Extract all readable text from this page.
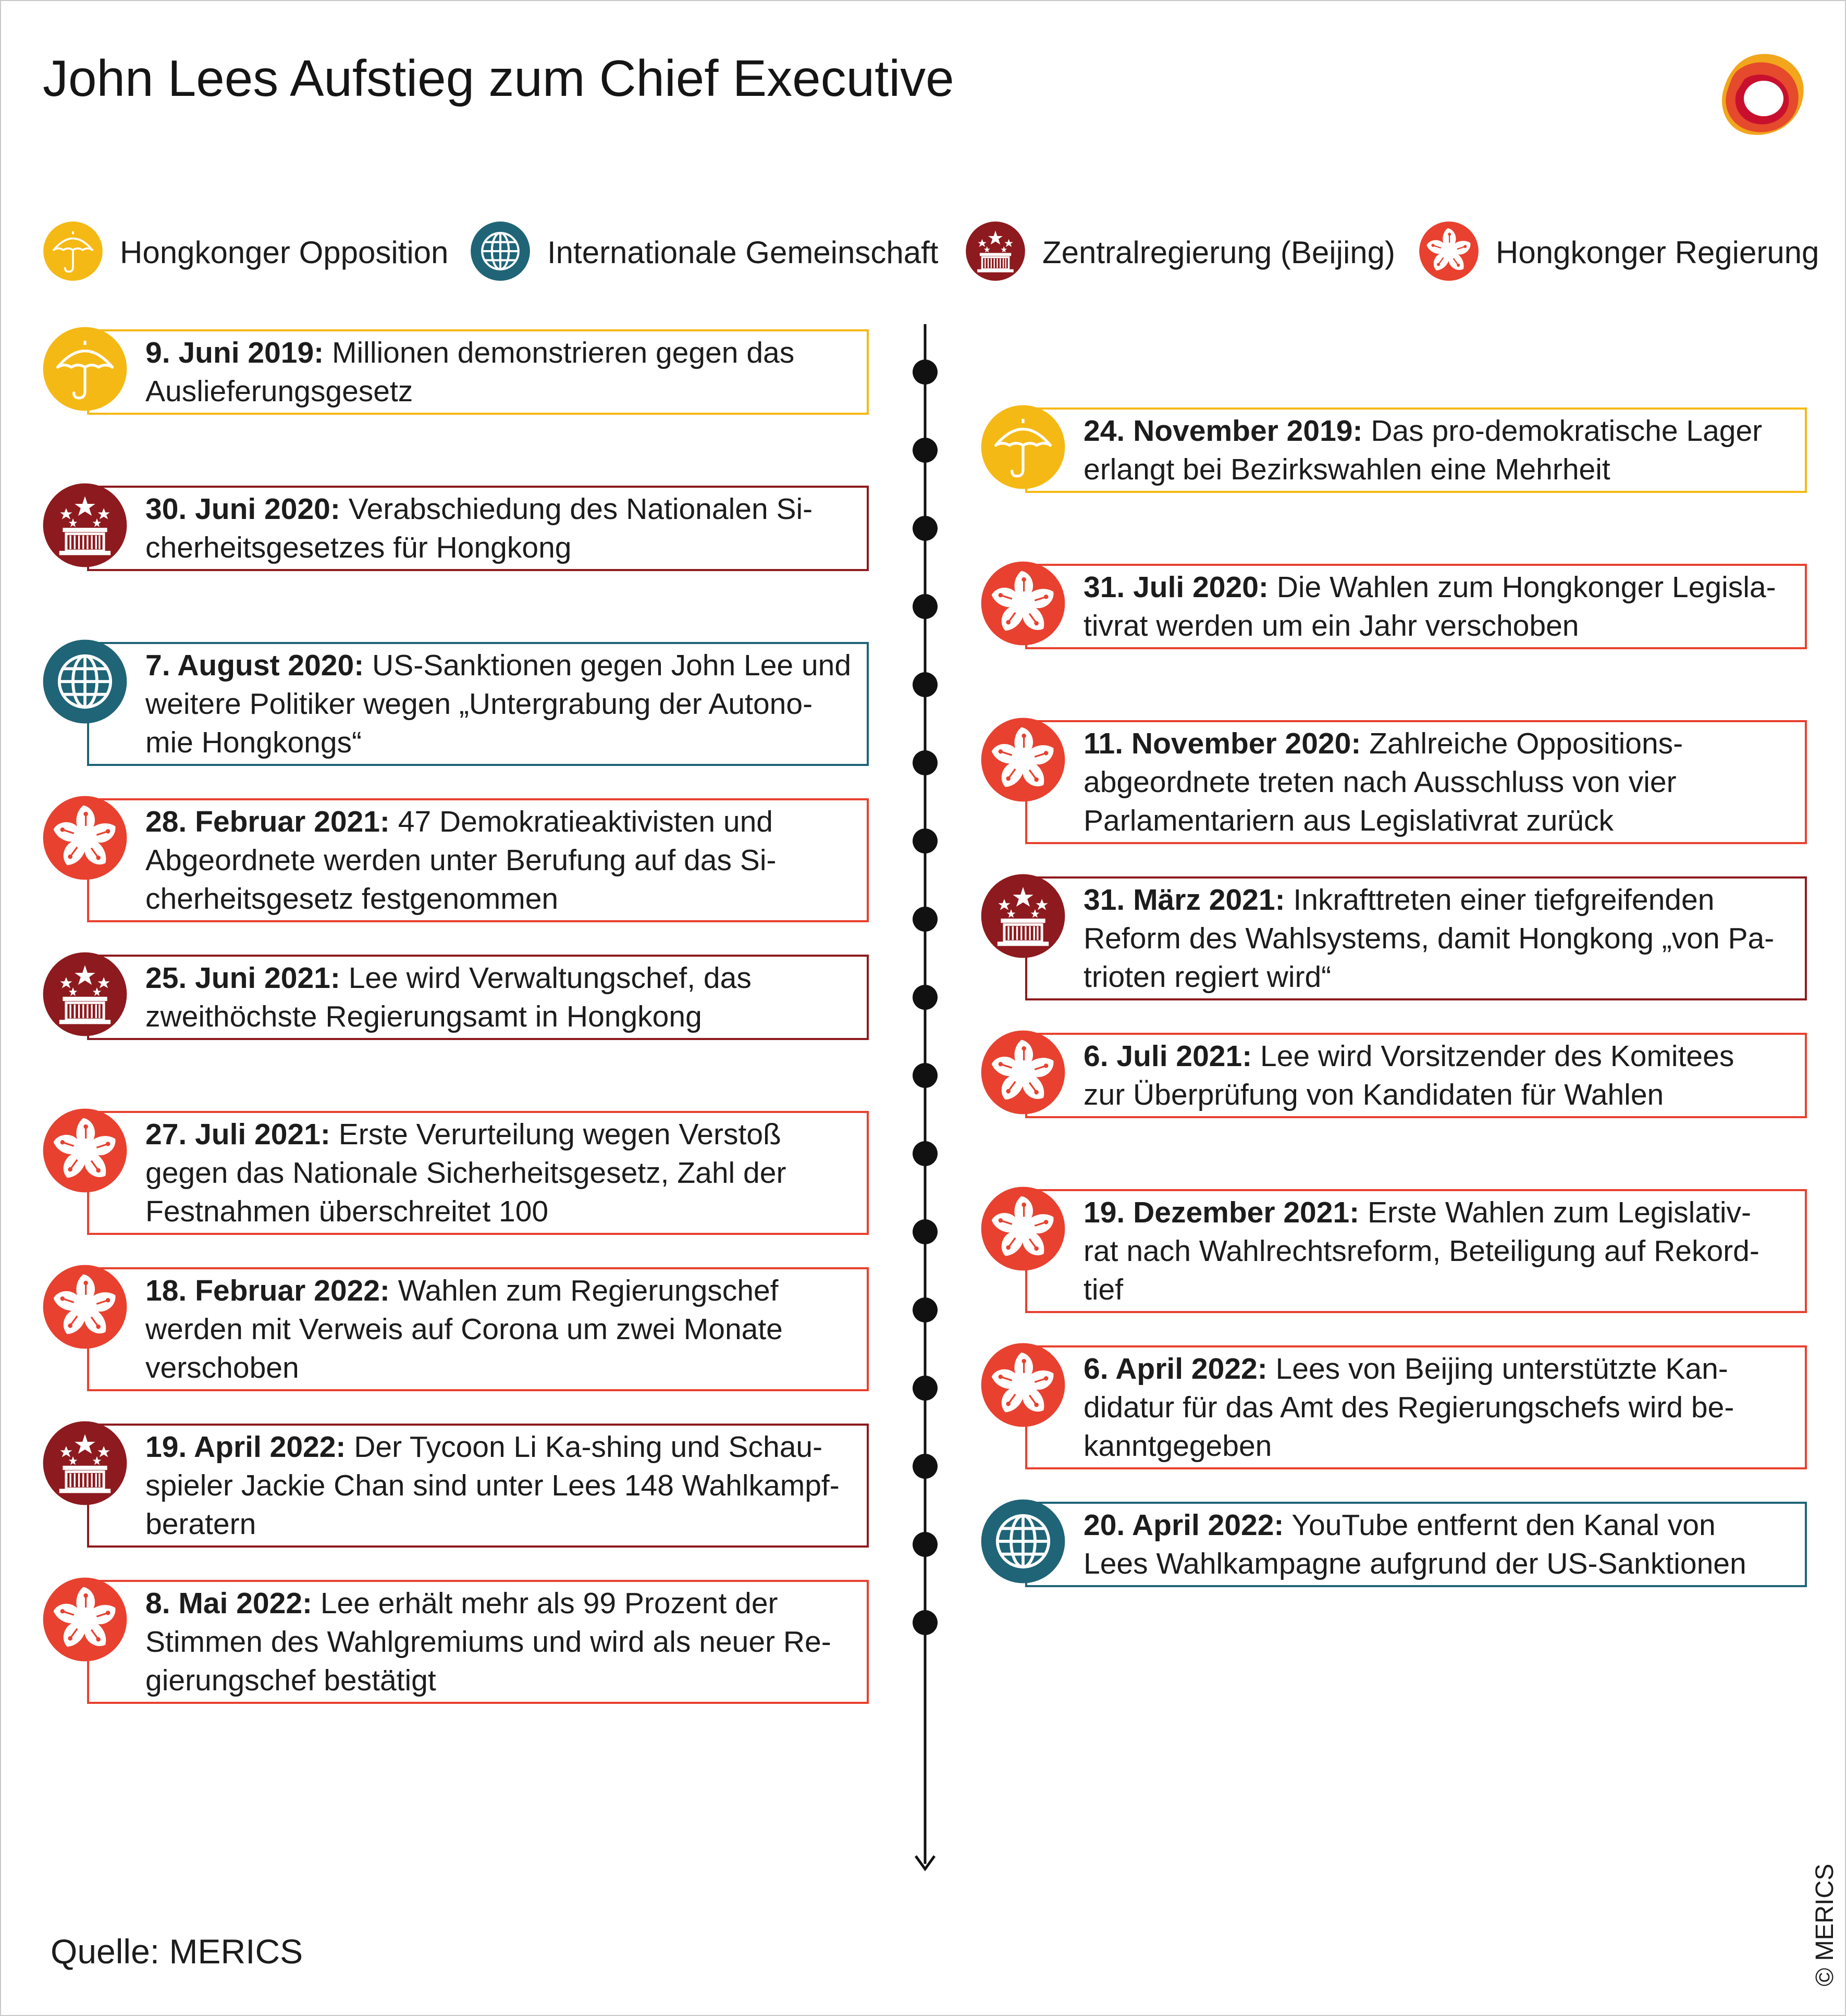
John Lees Aufstieg zum Chief Executive
Hongkonger Opposition	Internationale Gemeinschaft	Zentralregierung (Beijing)	Hongkonger Regierung
9. Juni 2019: Millionen demonstrieren gegen das
Auslieferungsgesetz
24. November 2019: Das pro-demokratische Lager
erlangt bei Bezirkswahlen eine Mehrheit
30. Juni 2020: Verabschiedung des Nationalen Si-
cherheitsgesetzes für Hongkong
31. Juli 2020: Die Wahlen zum Hongkonger Legisla-
tivrat werden um ein Jahr verschoben
7. August 2020: US-Sanktionen gegen John Lee und
weitere Politiker wegen „Untergrabung der Autono-
mie Hongkongs“	11. November 2020: Zahlreiche Oppositions-
abgeordnete treten nach Ausschluss von vier
Parlamentariern aus Legislativrat zurück
28. Februar 2021: 47 Demokratieaktivisten und
Abgeordnete werden unter Berufung auf das Si-
cherheitsgesetz festgenommen	31. März 2021: Inkrafttreten einer tiefgreifenden
Reform des Wahlsystems, damit Hongkong „von Pa-
trioten regiert wird“
25. Juni 2021: Lee wird Verwaltungschef, das
zweithöchste Regierungsamt in Hongkong
6. Juli 2021: Lee wird Vorsitzender des Komitees
zur Überprüfung von Kandidaten für Wahlen
27. Juli 2021: Erste Verurteilung wegen Verstoß
gegen das Nationale Sicherheitsgesetz, Zahl der
Festnahmen überschreitet 100	19. Dezember 2021: Erste Wahlen zum Legislativ-
rat nach Wahlrechtsreform, Beteiligung auf Rekord-
tief
18. Februar 2022: Wahlen zum Regierungschef
werden mit Verweis auf Corona um zwei Monate
verschoben	6. April 2022: Lees von Beijing unterstützte Kan-
didatur für das Amt des Regierungschefs wird be-
kanntgegeben
19. April 2022: Der Tycoon Li Ka-shing und Schau-
spieler Jackie Chan sind unter Lees 148 Wahlkampf-
beratern	20. April 2022: YouTube entfernt den Kanal von
Lees Wahlkampagne aufgrund der US-Sanktionen
8. Mai 2022: Lee erhält mehr als 99 Prozent der
Stimmen des Wahlgremiums und wird als neuer Re-
gierungschef bestätigt
Quelle: MERICS	© MERICS
